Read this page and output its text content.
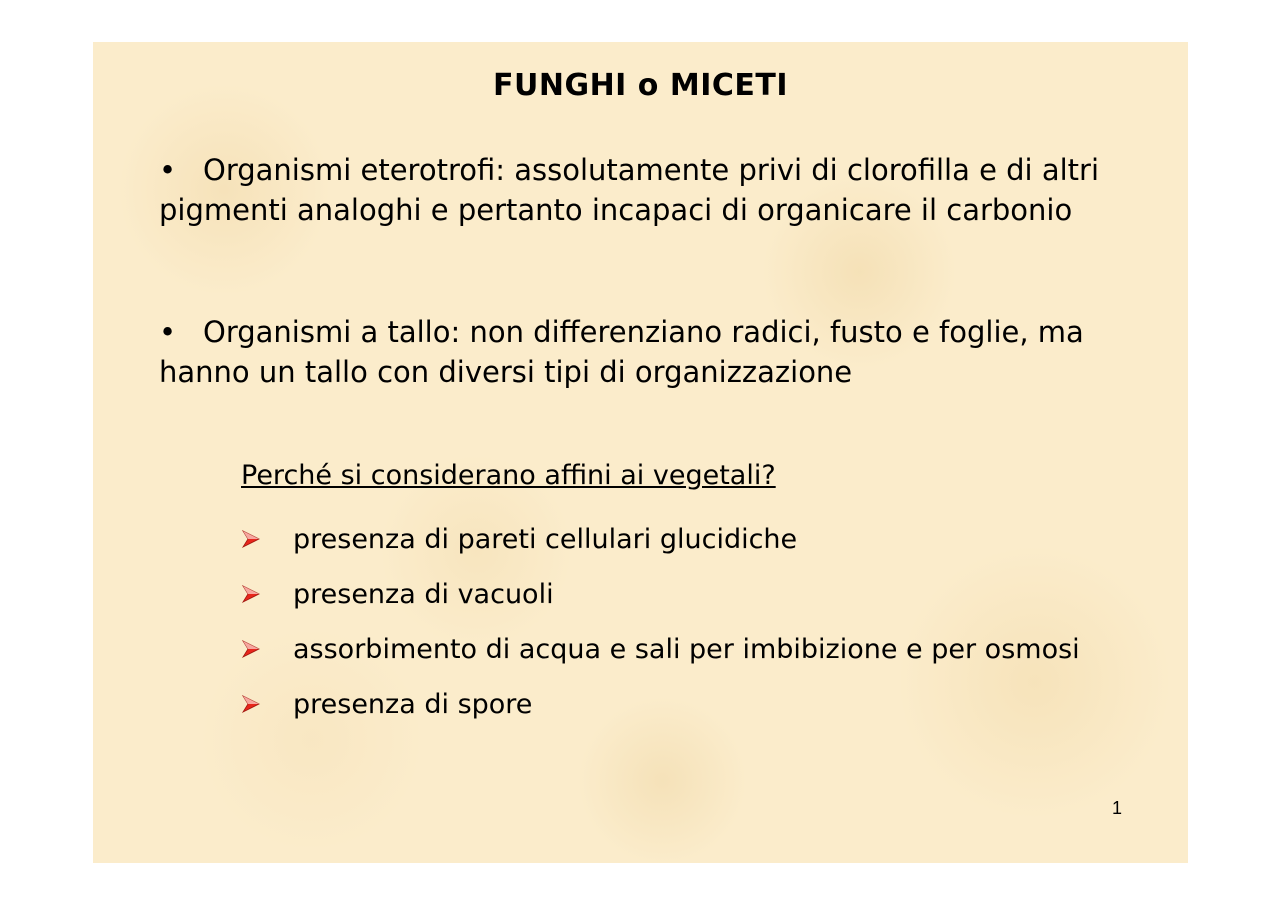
FUNGHI o MICETI

• Organismi eterotrofi: assolutamente privi di clorofilla e di altri pigmenti analoghi e pertanto incapaci di organicare il carbonio

• Organismi a tallo: non differenziano radici, fusto e foglie, ma hanno un tallo con diversi tipi di organizzazione

Perché si considerano affini ai vegetali?

presenza di pareti cellulari glucidiche
presenza di vacuoli
assorbimento di acqua e sali per imbibizione e per osmosi
presenza di spore
1
